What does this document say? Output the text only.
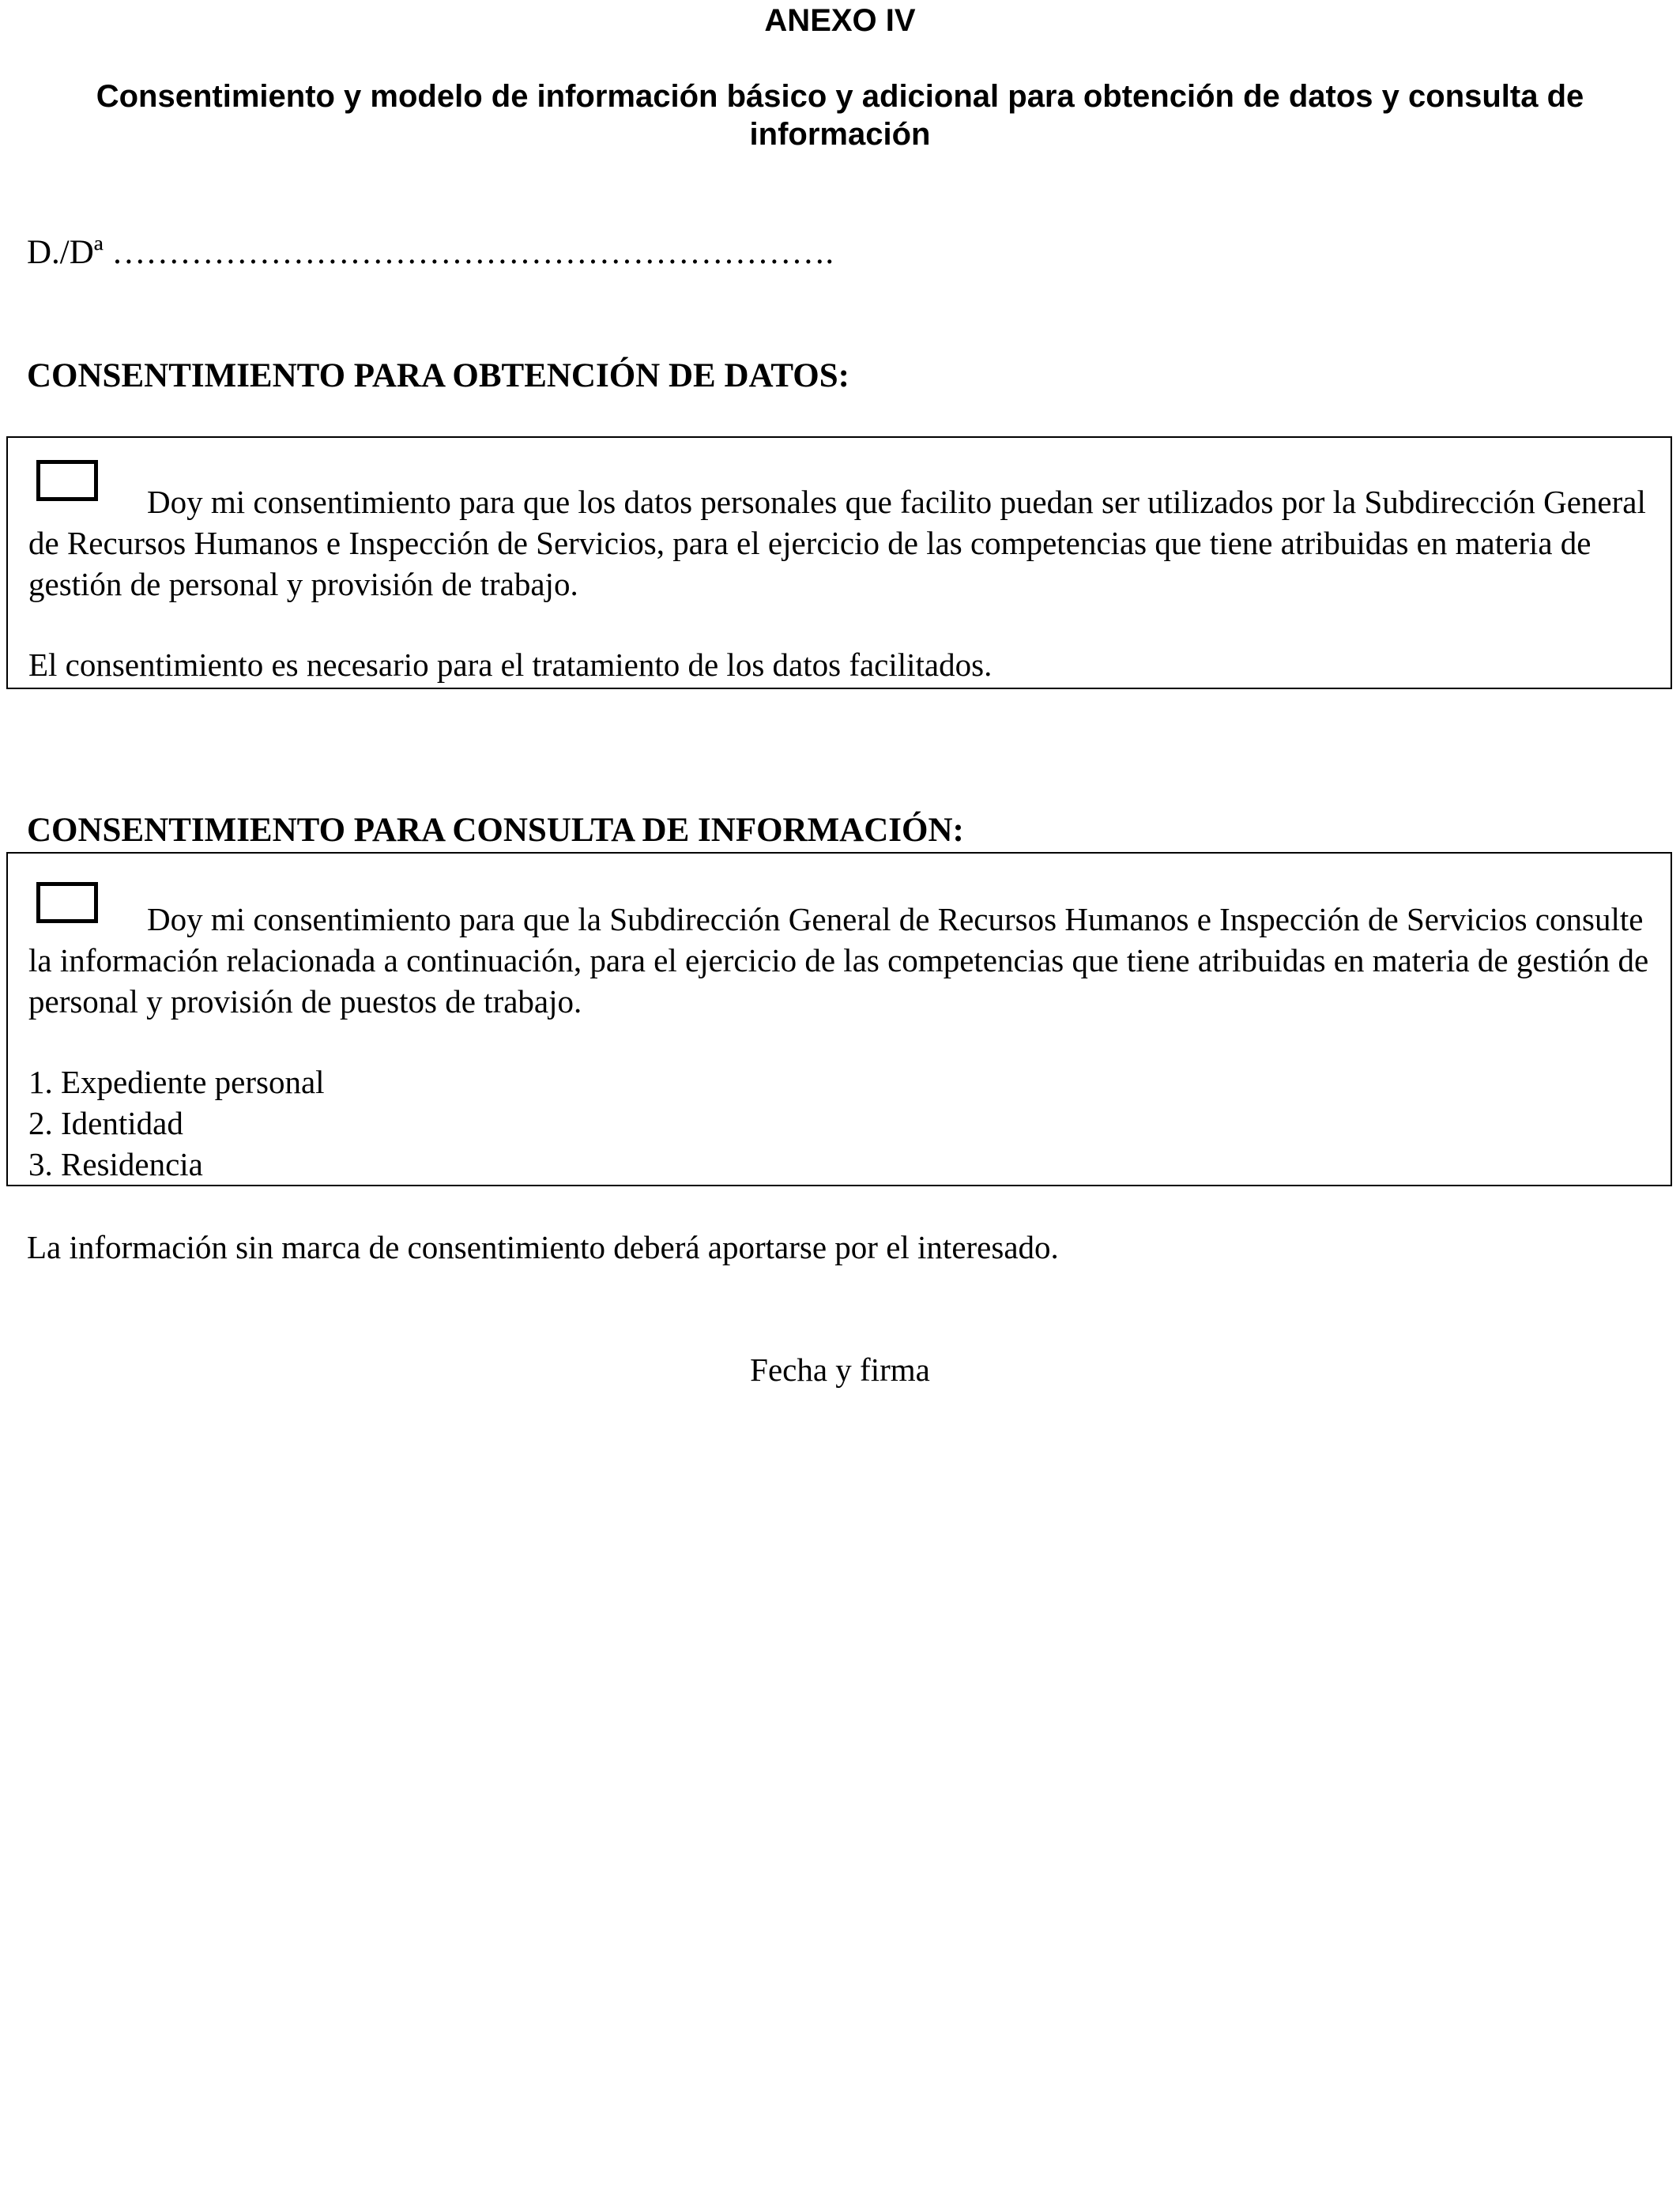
ANEXO IV
Consentimiento y modelo de información básico y adicional para obtención de datos y consulta de información
D./Dª ……………………………………………………….
CONSENTIMIENTO PARA OBTENCIÓN DE DATOS:

Doy mi consentimiento para que los datos personales que facilito puedan ser utilizados por la Subdirección General de Recursos Humanos e Inspección de Servicios, para el ejercicio de las competencias que tiene atribuidas en materia de gestión de personal y provisión de trabajo.

El consentimiento es necesario para el tratamiento de los datos facilitados.

CONSENTIMIENTO PARA CONSULTA DE INFORMACIÓN:

Doy mi consentimiento para que la Subdirección General de Recursos Humanos e Inspección de Servicios consulte la información relacionada a continuación, para el ejercicio de las competencias que tiene atribuidas en materia de gestión de personal y provisión de puestos de trabajo.

1. Expediente personal
2. Identidad
3. Residencia
La información sin marca de consentimiento deberá aportarse por el interesado.
Fecha y firma
